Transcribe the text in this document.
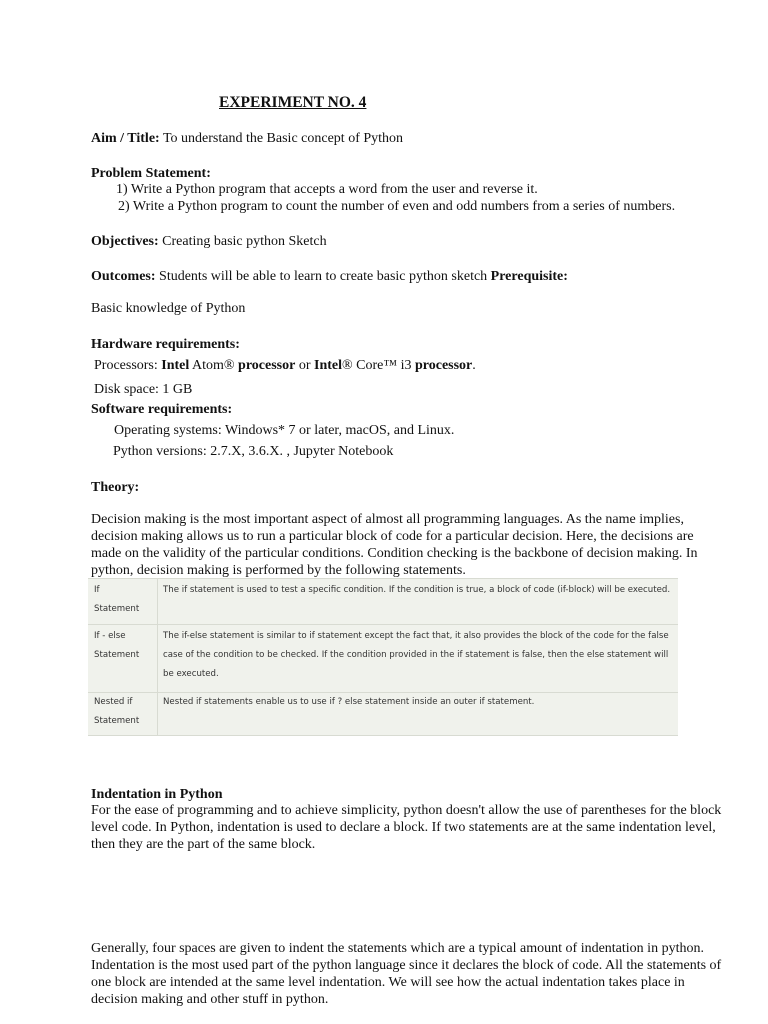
EXPERIMENT NO. 4
Aim / Title: To understand the Basic concept of Python
Problem Statement:
1) Write a Python program that accepts a word from the user and reverse it.
2) Write a Python program to count the number of even and odd numbers from a series of numbers.
Objectives: Creating basic python Sketch
Outcomes: Students will be able to learn to create basic python sketch Prerequisite:
Basic knowledge of Python
Hardware requirements:
Processors: Intel Atom® processor or Intel® Core™ i3 processor.
Disk space: 1 GB
Software requirements:
Operating systems: Windows* 7 or later, macOS, and Linux.
Python versions: 2.7.X, 3.6.X. , Jupyter Notebook
Theory:
Decision making is the most important aspect of almost all programming languages. As the name implies, decision making allows us to run a particular block of code for a particular decision. Here, the decisions are made on the validity of the particular conditions. Condition checking is the backbone of decision making. In python, decision making is performed by the following statements.
If
Statement	The if statement is used to test a specific condition. If the condition is true, a block of code (if-block) will be executed.
If - else
Statement	The if-else statement is similar to if statement except the fact that, it also provides the block of the code for the false case of the condition to be checked. If the condition provided in the if statement is false, then the else statement will be executed.
Nested if
Statement	Nested if statements enable us to use if ? else statement inside an outer if statement.
Indentation in Python
For the ease of programming and to achieve simplicity, python doesn't allow the use of parentheses for the block level code. In Python, indentation is used to declare a block. If two statements are at the same indentation level, then they are the part of the same block.
Generally, four spaces are given to indent the statements which are a typical amount of indentation in python. Indentation is the most used part of the python language since it declares the block of code. All the statements of one block are intended at the same level indentation. We will see how the actual indentation takes place in decision making and other stuff in python.
